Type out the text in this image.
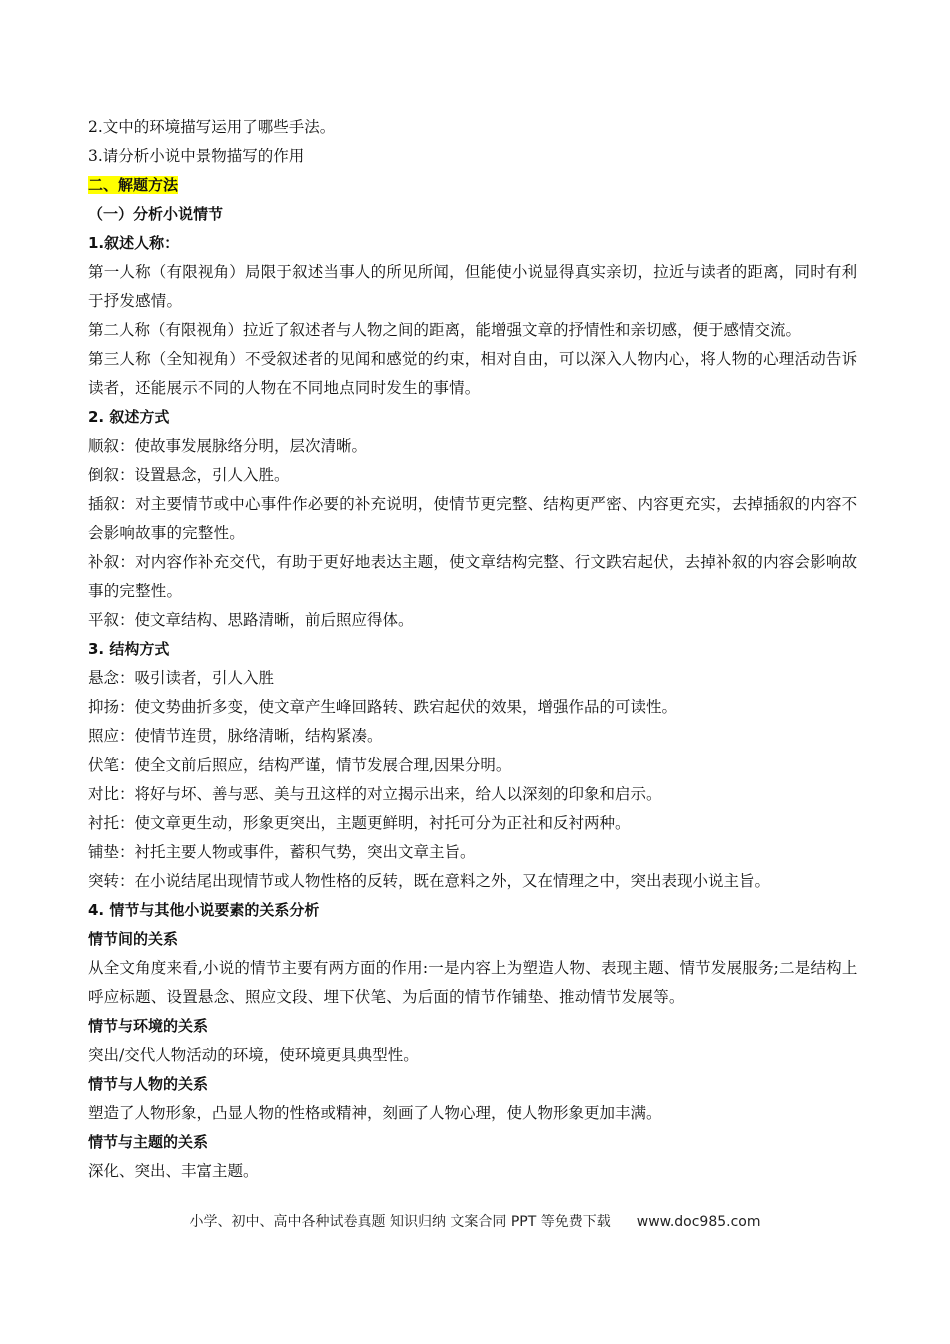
2.文中的环境描写运用了哪些手法。
3.请分析小说中景物描写的作用
二、解题方法
（一）分析小说情节
1.叙述人称：
第一人称（有限视角）局限于叙述当事人的所见所闻，但能使小说显得真实亲切，拉近与读者的距离，同时有利于抒发感情。
第二人称（有限视角）拉近了叙述者与人物之间的距离，能增强文章的抒情性和亲切感，便于感情交流。
第三人称（全知视角）不受叙述者的见闻和感觉的约束，相对自由，可以深入人物内心，将人物的心理活动告诉读者，还能展示不同的人物在不同地点同时发生的事情。
2. 叙述方式
顺叙：使故事发展脉络分明，层次清晰。
倒叙：设置悬念，引人入胜。
插叙：对主要情节或中心事件作必要的补充说明，使情节更完整、结构更严密、内容更充实，去掉插叙的内容不会影响故事的完整性。
补叙：对内容作补充交代，有助于更好地表达主题，使文章结构完整、行文跌宕起伏，去掉补叙的内容会影响故事的完整性。
平叙：使文章结构、思路清晰，前后照应得体。
3. 结构方式
悬念：吸引读者，引人入胜
抑扬：使文势曲折多变，使文章产生峰回路转、跌宕起伏的效果，增强作品的可读性。
照应：使情节连贯，脉络清晰，结构紧凑。
伏笔：使全文前后照应，结构严谨，情节发展合理,因果分明。
对比：将好与坏、善与恶、美与丑这样的对立揭示出来，给人以深刻的印象和启示。
衬托：使文章更生动，形象更突出，主题更鲜明，衬托可分为正社和反衬两种。
铺垫：衬托主要人物或事件，蓄积气势，突出文章主旨。
突转：在小说结尾出现情节或人物性格的反转，既在意料之外，又在情理之中，突出表现小说主旨。
4. 情节与其他小说要素的关系分析
情节间的关系
从全文角度来看,小说的情节主要有两方面的作用:一是内容上为塑造人物、表现主题、情节发展服务;二是结构上呼应标题、设置悬念、照应文段、埋下伏笔、为后面的情节作铺垫、推动情节发展等。
情节与环境的关系
突出/交代人物活动的环境，使环境更具典型性。
情节与人物的关系
塑造了人物形象，凸显人物的性格或精神，刻画了人物心理，使人物形象更加丰满。
情节与主题的关系
深化、突出、丰富主题。
小学、初中、高中各种试卷真题 知识归纳 文案合同 PPT 等免费下载 www.doc985.com
